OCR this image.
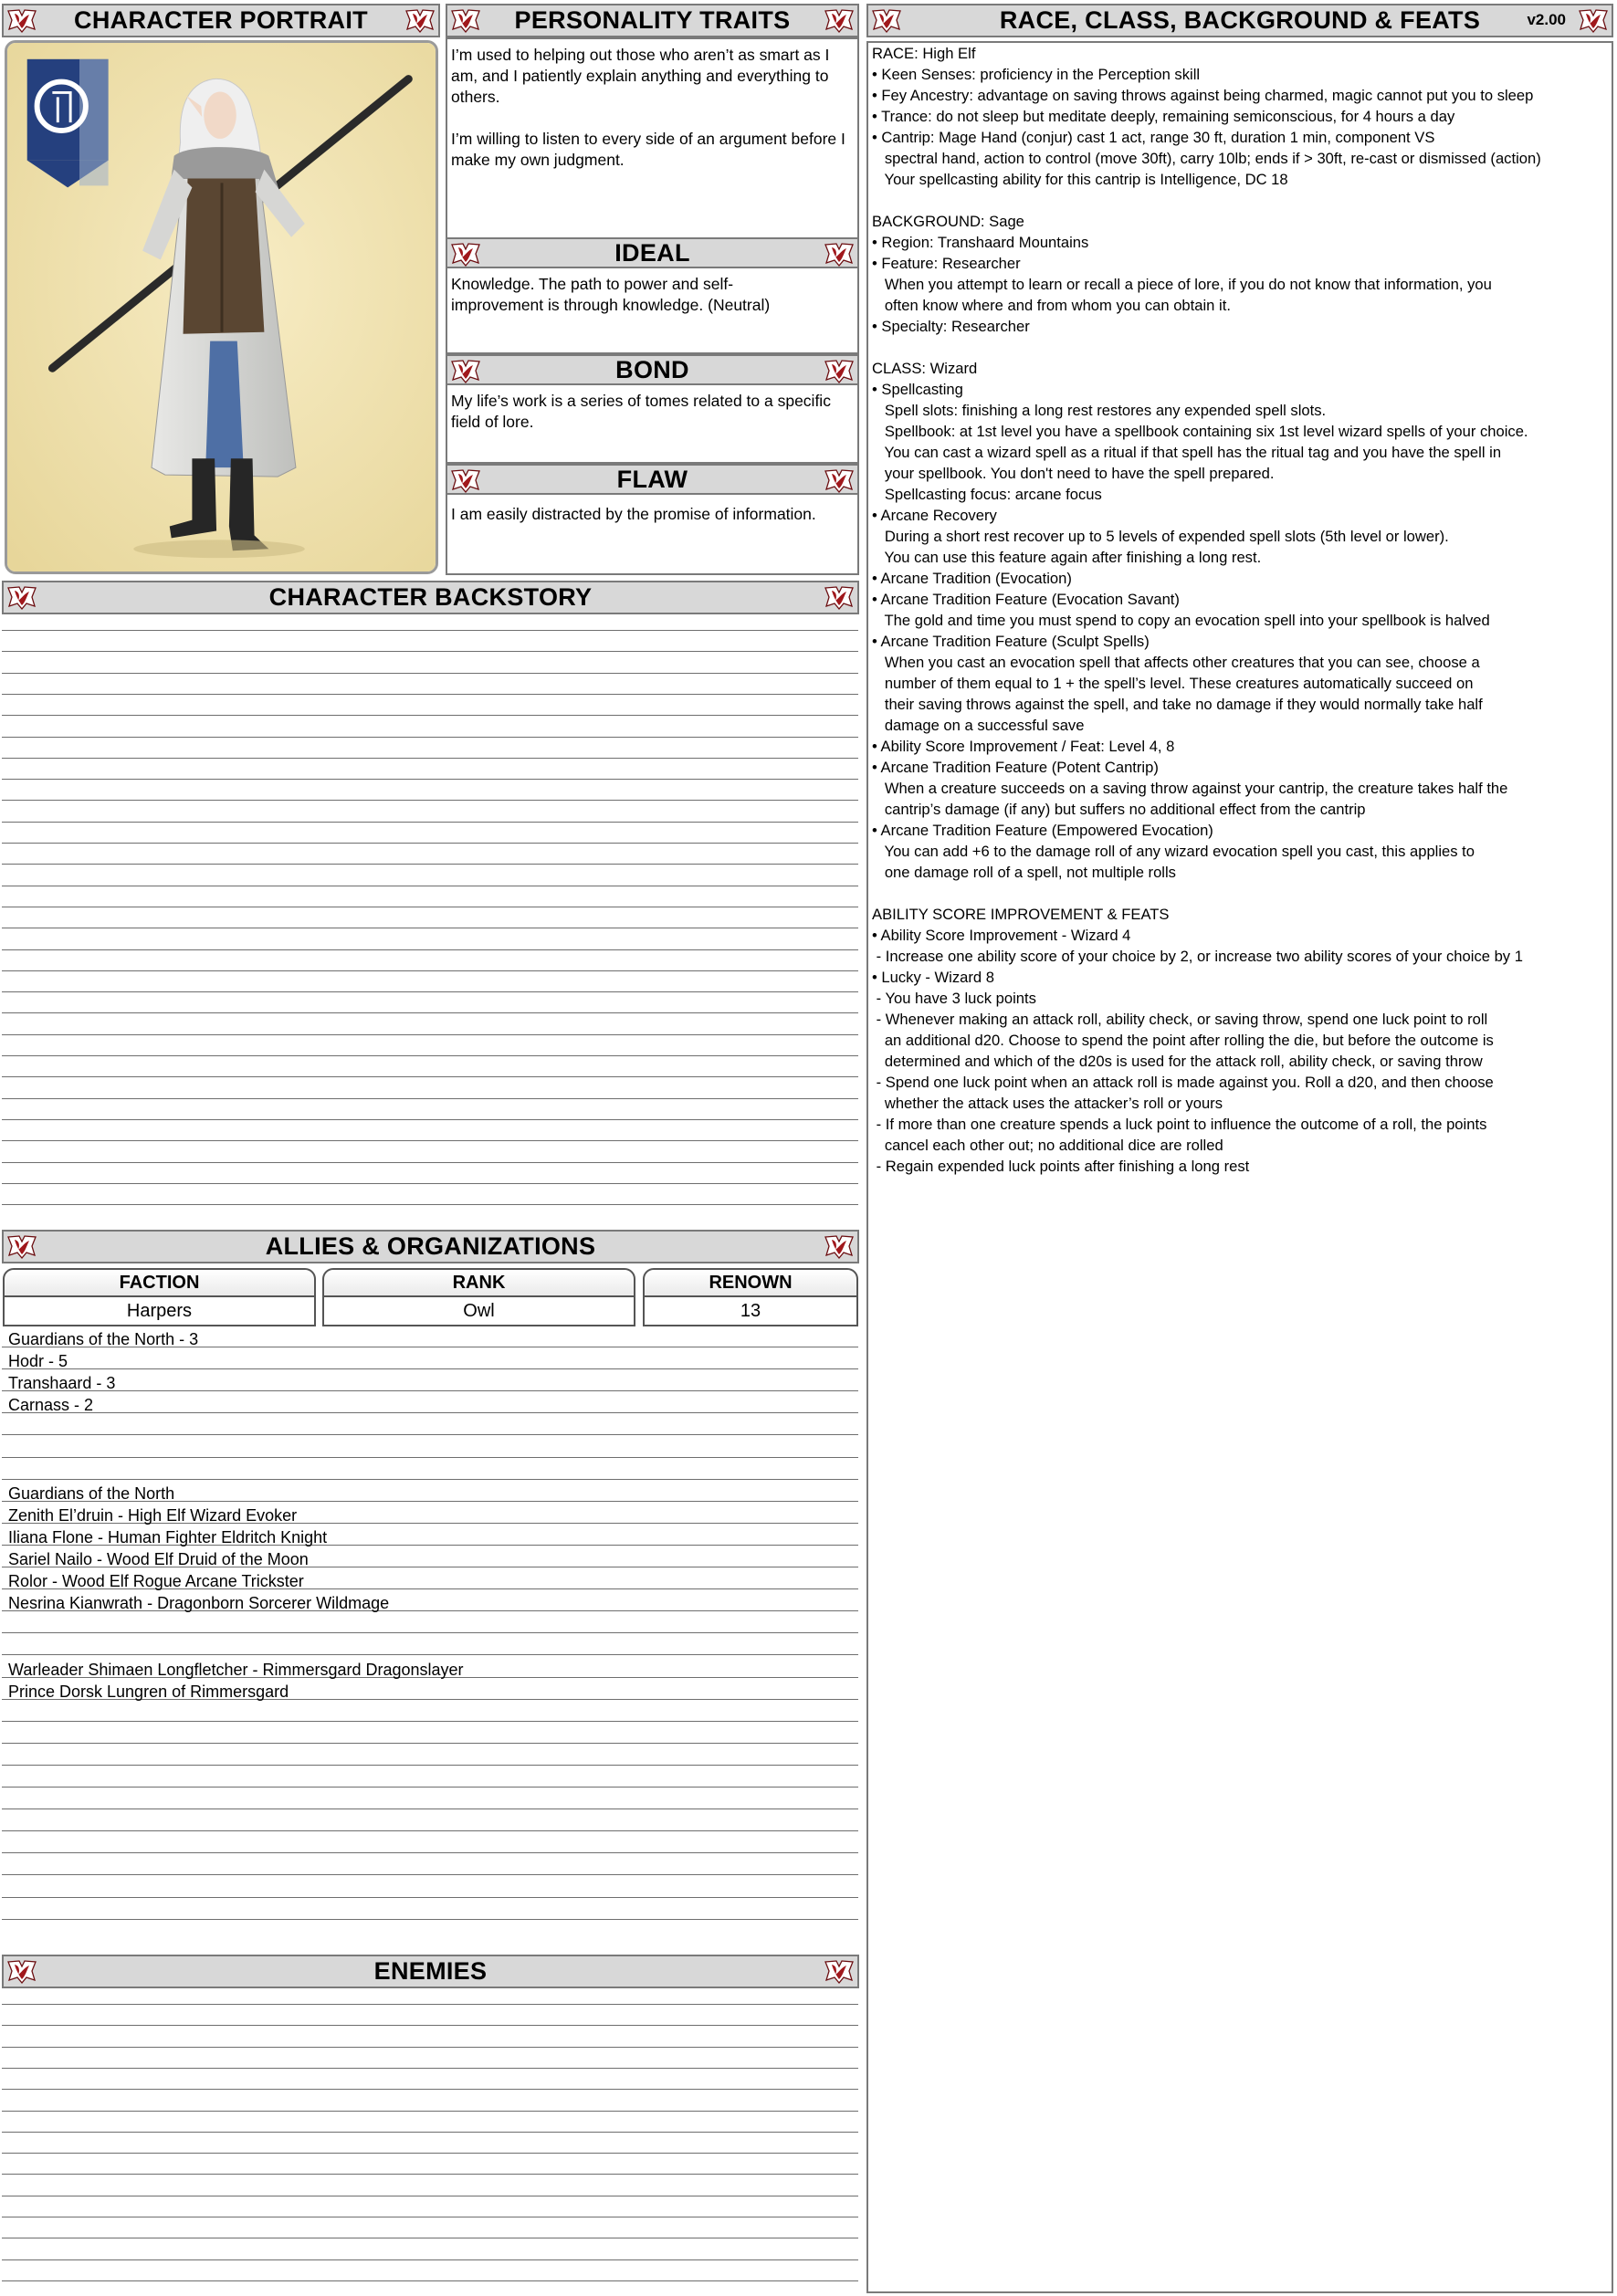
CHARACTER PORTRAIT	PERSONALITY TRAITS
I’m used to helping out those who aren’t as smart as I am, and I patiently explain anything and everything to others.

I’m willing to listen to every side of an argument before I make my own judgment.
IDEAL
Knowledge. The path to power and self-improvement is through knowledge. (Neutral)
BOND
My life’s work is a series of tomes related to a specific field of lore.
FLAW
I am easily distracted by the promise of information.
CHARACTER BACKSTORY
ALLIES & ORGANIZATIONS
FACTION
Harpers
RANK
Owl
RENOWN
13
Guardians of the North - 3
Hodr - 5
Transhaard - 3
Carnass - 2
Guardians of the North
Zenith El’druin - High Elf Wizard Evoker
Iliana Flone - Human Fighter Eldritch Knight
Sariel Nailo - Wood Elf Druid of the Moon
Rolor - Wood Elf Rogue Arcane Trickster
Nesrina Kianwrath - Dragonborn Sorcerer Wildmage
Warleader Shimaen Longfletcher - Rimmersgard Dragonslayer
Prince Dorsk Lungren of Rimmersgard
ENEMIES
RACE, CLASS, BACKGROUND & FEATS	v2.00
RACE: High Elf
• Keen Senses: proficiency in the Perception skill
• Fey Ancestry: advantage on saving throws against being charmed, magic cannot put you to sleep
• Trance: do not sleep but meditate deeply, remaining semiconscious, for 4 hours a day
• Cantrip: Mage Hand (conjur) cast 1 act, range 30 ft, duration 1 min, component VS
spectral hand, action to control (move 30ft), carry 10lb; ends if > 30ft, re-cast or dismissed (action)
Your spellcasting ability for this cantrip is Intelligence, DC 18
BACKGROUND: Sage
• Region: Transhaard Mountains
• Feature: Researcher
When you attempt to learn or recall a piece of lore, if you do not know that information, you
often know where and from whom you can obtain it.
• Specialty: Researcher
CLASS: Wizard
• Spellcasting
Spell slots: finishing a long rest restores any expended spell slots.
Spellbook: at 1st level you have a spellbook containing six 1st level wizard spells of your choice.
You can cast a wizard spell as a ritual if that spell has the ritual tag and you have the spell in
your spellbook. You don't need to have the spell prepared.
Spellcasting focus: arcane focus
• Arcane Recovery
During a short rest recover up to 5 levels of expended spell slots (5th level or lower).
You can use this feature again after finishing a long rest.
• Arcane Tradition (Evocation)
• Arcane Tradition Feature (Evocation Savant)
The gold and time you must spend to copy an evocation spell into your spellbook is halved
• Arcane Tradition Feature (Sculpt Spells)
When you cast an evocation spell that affects other creatures that you can see, choose a
number of them equal to 1 + the spell’s level. These creatures automatically succeed on
their saving throws against the spell, and take no damage if they would normally take half
damage on a successful save
• Ability Score Improvement / Feat: Level 4, 8
• Arcane Tradition Feature (Potent Cantrip)
When a creature succeeds on a saving throw against your cantrip, the creature takes half the
cantrip’s damage (if any) but suffers no additional effect from the cantrip
• Arcane Tradition Feature (Empowered Evocation)
You can add +6 to the damage roll of any wizard evocation spell you cast, this applies to
one damage roll of a spell, not multiple rolls
ABILITY SCORE IMPROVEMENT & FEATS
• Ability Score Improvement - Wizard 4
- Increase one ability score of your choice by 2, or increase two ability scores of your choice by 1
• Lucky - Wizard 8
- You have 3 luck points
- Whenever making an attack roll, ability check, or saving throw, spend one luck point to roll
an additional d20. Choose to spend the point after rolling the die, but before the outcome is
determined and which of the d20s is used for the attack roll, ability check, or saving throw
- Spend one luck point when an attack roll is made against you. Roll a d20, and then choose
whether the attack uses the attacker’s roll or yours
- If more than one creature spends a luck point to influence the outcome of a roll, the points
cancel each other out; no additional dice are rolled
- Regain expended luck points after finishing a long rest
